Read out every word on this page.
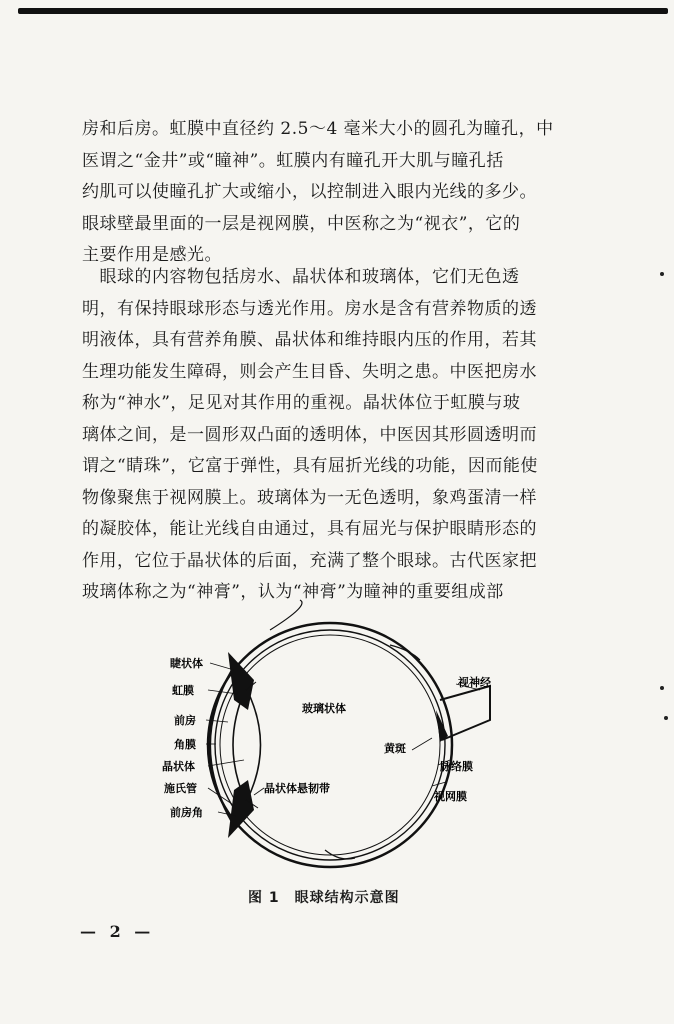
房和后房。虹膜中直径约 2.5～4 毫米大小的圆孔为瞳孔，中

医谓之“金井”或“瞳神”。虹膜内有瞳孔开大肌与瞳孔括

约肌可以使瞳孔扩大或缩小，以控制进入眼内光线的多少。

眼球壁最里面的一层是视网膜，中医称之为“视衣”，它的

主要作用是感光。

　眼球的内容物包括房水、晶状体和玻璃体，它们无色透

明，有保持眼球形态与透光作用。房水是含有营养物质的透

明液体，具有营养角膜、晶状体和维持眼内压的作用，若其

生理功能发生障碍，则会产生目昏、失明之患。中医把房水

称为“神水”，足见对其作用的重视。晶状体位于虹膜与玻

璃体之间，是一圆形双凸面的透明体，中医因其形圆透明而

谓之“睛珠”，它富于弹性，具有屈折光线的功能，因而能使

物像聚焦于视网膜上。玻璃体为一无色透明，象鸡蛋清一样

的凝胶体，能让光线自由通过，具有屈光与保护眼睛形态的

作用，它位于晶状体的后面，充满了整个眼球。古代医家把

玻璃体称之为“神膏”，认为“神膏”为瞳神的重要组成部

睫状体
虹膜
前房
角膜
晶状体
施氏管
前房角
玻璃状体
晶状体悬韧带
视神经
黄斑
脉络膜
视网膜
图 1　眼球结构示意图
— 2 —
